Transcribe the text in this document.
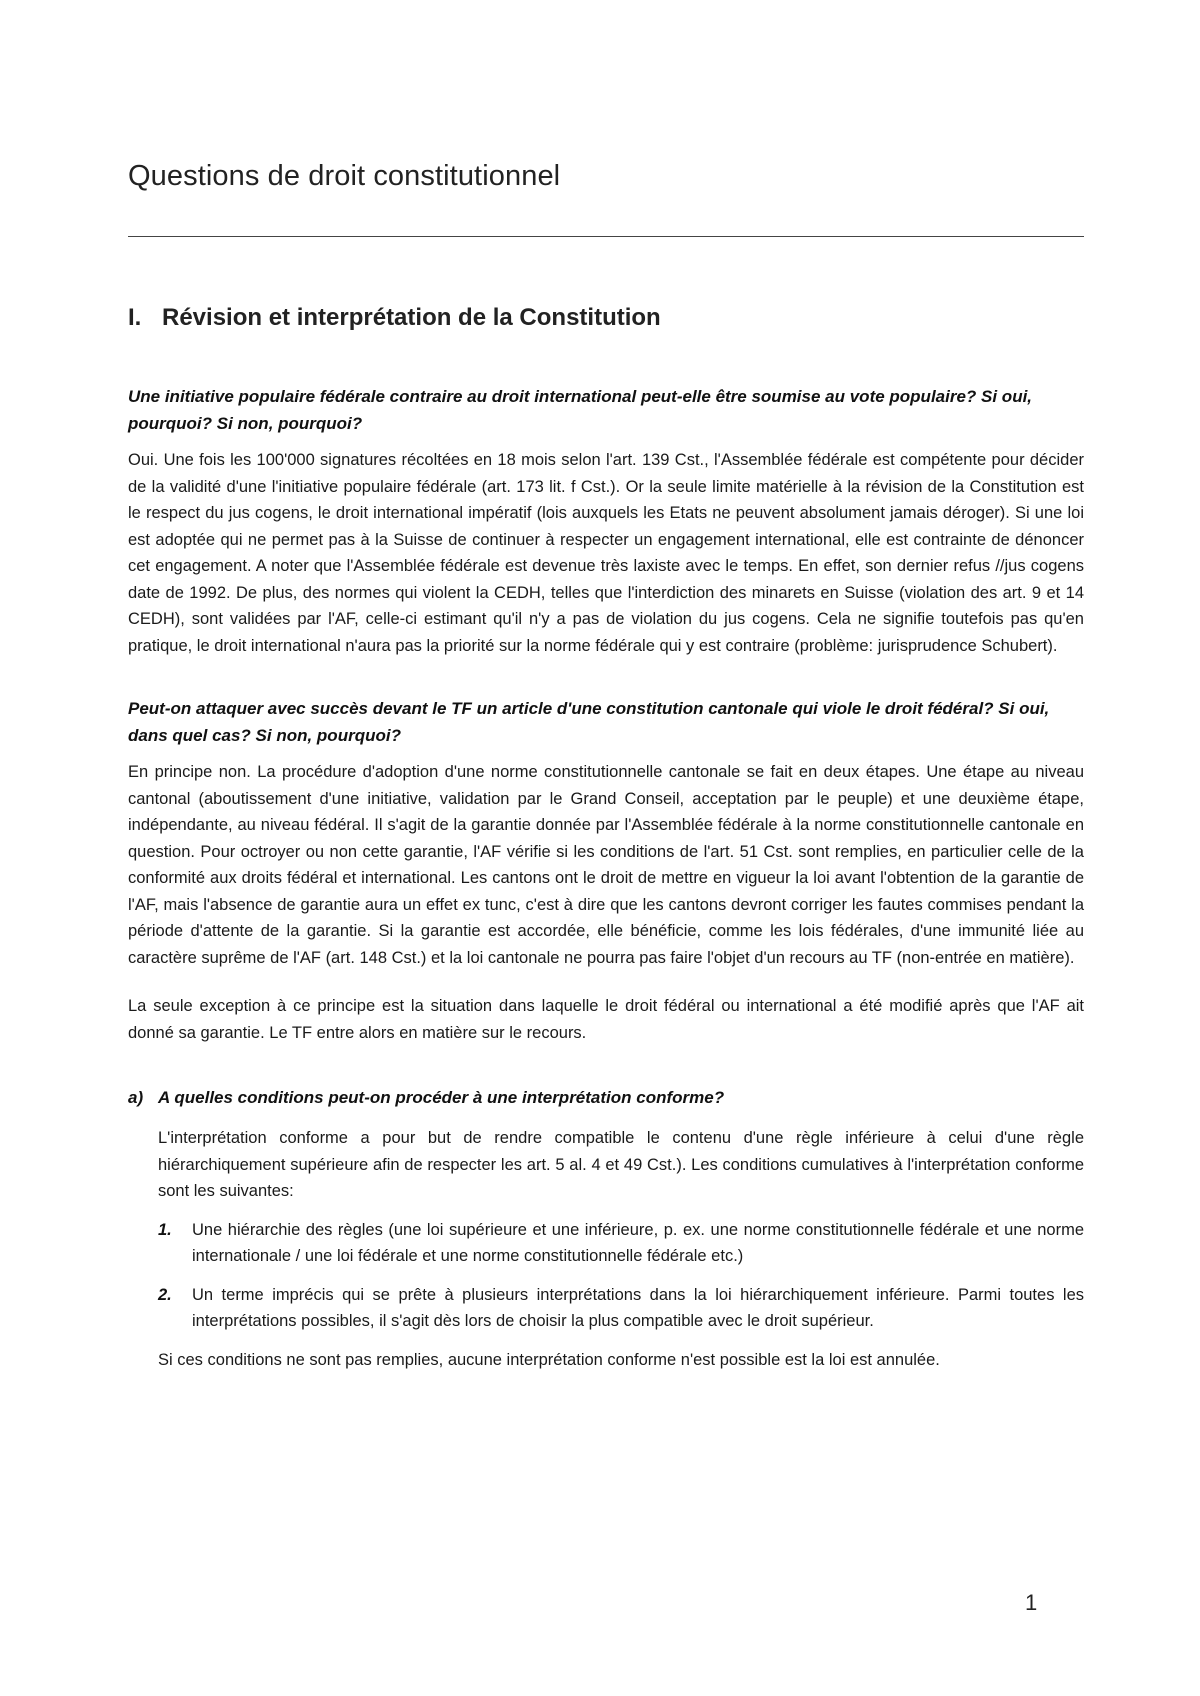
Questions de droit constitutionnel
I. Révision et interprétation de la Constitution

Une initiative populaire fédérale contraire au droit international peut-elle être soumise au vote populaire? Si oui, pourquoi? Si non, pourquoi?

Oui. Une fois les 100'000 signatures récoltées en 18 mois selon l'art. 139 Cst., l'Assemblée fédérale est compétente pour décider de la validité d'une l'initiative populaire fédérale (art. 173 lit. f Cst.). Or la seule limite matérielle à la révision de la Constitution est le respect du jus cogens, le droit international impératif (lois auxquels les Etats ne peuvent absolument jamais déroger). Si une loi est adoptée qui ne permet pas à la Suisse de continuer à respecter un engagement international, elle est contrainte de dénoncer cet engagement. A noter que l'Assemblée fédérale est devenue très laxiste avec le temps. En effet, son dernier refus //jus cogens date de 1992. De plus, des normes qui violent la CEDH, telles que l'interdiction des minarets en Suisse (violation des art. 9 et 14 CEDH), sont validées par l'AF, celle-ci estimant qu'il n'y a pas de violation du jus cogens. Cela ne signifie toutefois pas qu'en pratique, le droit international n'aura pas la priorité sur la norme fédérale qui y est contraire (problème: jurisprudence Schubert).

Peut-on attaquer avec succès devant le TF un article d'une constitution cantonale qui viole le droit fédéral? Si oui, dans quel cas? Si non, pourquoi?

En principe non. La procédure d'adoption d'une norme constitutionnelle cantonale se fait en deux étapes. Une étape au niveau cantonal (aboutissement d'une initiative, validation par le Grand Conseil, acceptation par le peuple) et une deuxième étape, indépendante, au niveau fédéral. Il s'agit de la garantie donnée par l'Assemblée fédérale à la norme constitutionnelle cantonale en question. Pour octroyer ou non cette garantie, l'AF vérifie si les conditions de l'art. 51 Cst. sont remplies, en particulier celle de la conformité aux droits fédéral et international. Les cantons ont le droit de mettre en vigueur la loi avant l'obtention de la garantie de l'AF, mais l'absence de garantie aura un effet ex tunc, c'est à dire que les cantons devront corriger les fautes commises pendant la période d'attente de la garantie. Si la garantie est accordée, elle bénéficie, comme les lois fédérales, d'une immunité liée au caractère suprême de l'AF (art. 148 Cst.) et la loi cantonale ne pourra pas faire l'objet d'un recours au TF (non-entrée en matière).

La seule exception à ce principe est la situation dans laquelle le droit fédéral ou international a été modifié après que l'AF ait donné sa garantie. Le TF entre alors en matière sur le recours.

a) A quelles conditions peut-on procéder à une interprétation conforme?

L'interprétation conforme a pour but de rendre compatible le contenu d'une règle inférieure à celui d'une règle hiérarchiquement supérieure afin de respecter les art. 5 al. 4 et 49 Cst.). Les conditions cumulatives à l'interprétation conforme sont les suivantes:

1.	Une hiérarchie des règles (une loi supérieure et une inférieure, p. ex. une norme constitutionnelle fédérale et une norme internationale / une loi fédérale et une norme constitutionnelle fédérale etc.)
2.	Un terme imprécis qui se prête à plusieurs interprétations dans la loi hiérarchiquement inférieure. Parmi toutes les interprétations possibles, il s'agit dès lors de choisir la plus compatible avec le droit supérieur.

Si ces conditions ne sont pas remplies, aucune interprétation conforme n'est possible est la loi est annulée.

1
